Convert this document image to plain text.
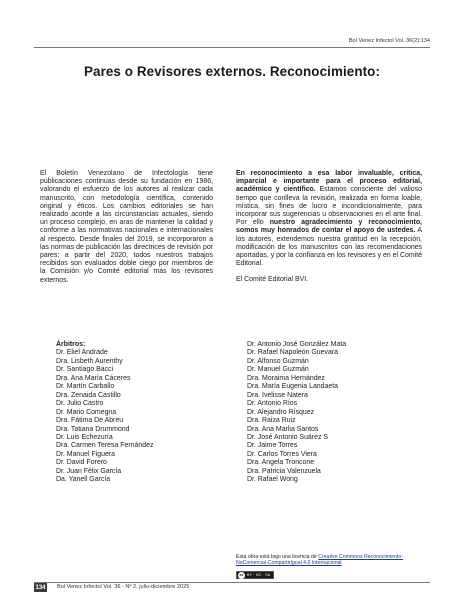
Bol Venez Infectol Vol. 36(2):134
Pares o Revisores externos. Reconocimiento:

El Boletín Venezolano de Infectología tiene publicaciones continuas desde su fundación en 1986, valorando el esfuerzo de los autores al realizar cada manuscrito, con metodología científica, contenido original y éticos. Los cambios editoriales se han realizado acorde a las circunstancias actuales, siendo un proceso complejo, en aras de mantener la calidad y conforme a las normativas nacionales e internacionales al respecto. Desde finales del 2019, se incorporaron a las normas de publicación las directrices de revisión por pares; a partir del 2020, todos nuestros trabajos recibidos son evaluados doble ciego por miembros de la Comisión y/o Comité editorial más los revisores externos.

En reconocimiento a esa labor invaluable, crítica, imparcial e importante para el proceso editorial, académico y científico. Estamos consciente del valioso tiempo que conlleva la revisión, realizada en forma loable, mística, sin fines de lucro e incondicionalmente, para incorporar sus sugerencias u observaciones en el arte final. Por ello nuestro agradecimiento y reconocimiento, somos muy honrados de contar el apoyo de ustedes. A los autores, extendemos nuestra gratitud en la recepción, modificación de los manuscritos con las recomendaciones aportadas, y por la confianza en los revisores y en el Comité Editorial.

El Comité Editorial BVI.

Árbitros:
Dr. Eliel Andrade
Dra. Lisbeth Aurenthy
Dr. Santiago Bacci
Dra. Ana María Cáceres
Dr. Martín Carballo
Dra. Zenaida Castillo
Dr. Julio Castro
Dr. Mario Comegna
Dra. Fátima De Abreu
Dra. Tatiana Drummond
Dr. Luis Echezuría
Dra. Carmen Teresa Fernández
Dr. Manuel Figuera
Dr. David Forero
Dr. Juan Félix García
Da. Yanell García
Dr. Antonio José González Mata
Dr. Rafael Napoleón Guevara
Dr. Alfonso Guzmán
Dr. Manuel Guzmán
Dra. Moraima Hernández
Dra. María Eugenia Landaeta
Dra. Ivelisse Natera
Dr. Antonio Ríos
Dr. Alejandro Rísquez
Dra. Raiza Ruiz
Dra. Ana Marlia Santos
Dr. José Antonio Suárez S
Dr. Jaime Torres
Dr. Carlos Torres Viera
Dra. Angela Troncone
Dra. Patricia Valenzuela
Dr. Rafael Wong
Esta obra está bajo una licencia de Creative Commons Reconocimiento-NoComercial-CompartirIgual 4.0 Internacional
cc BY · NC · SA
134 Bol Venez Infectol Vol. 36 - Nº 2, julio-diciembre 2025
